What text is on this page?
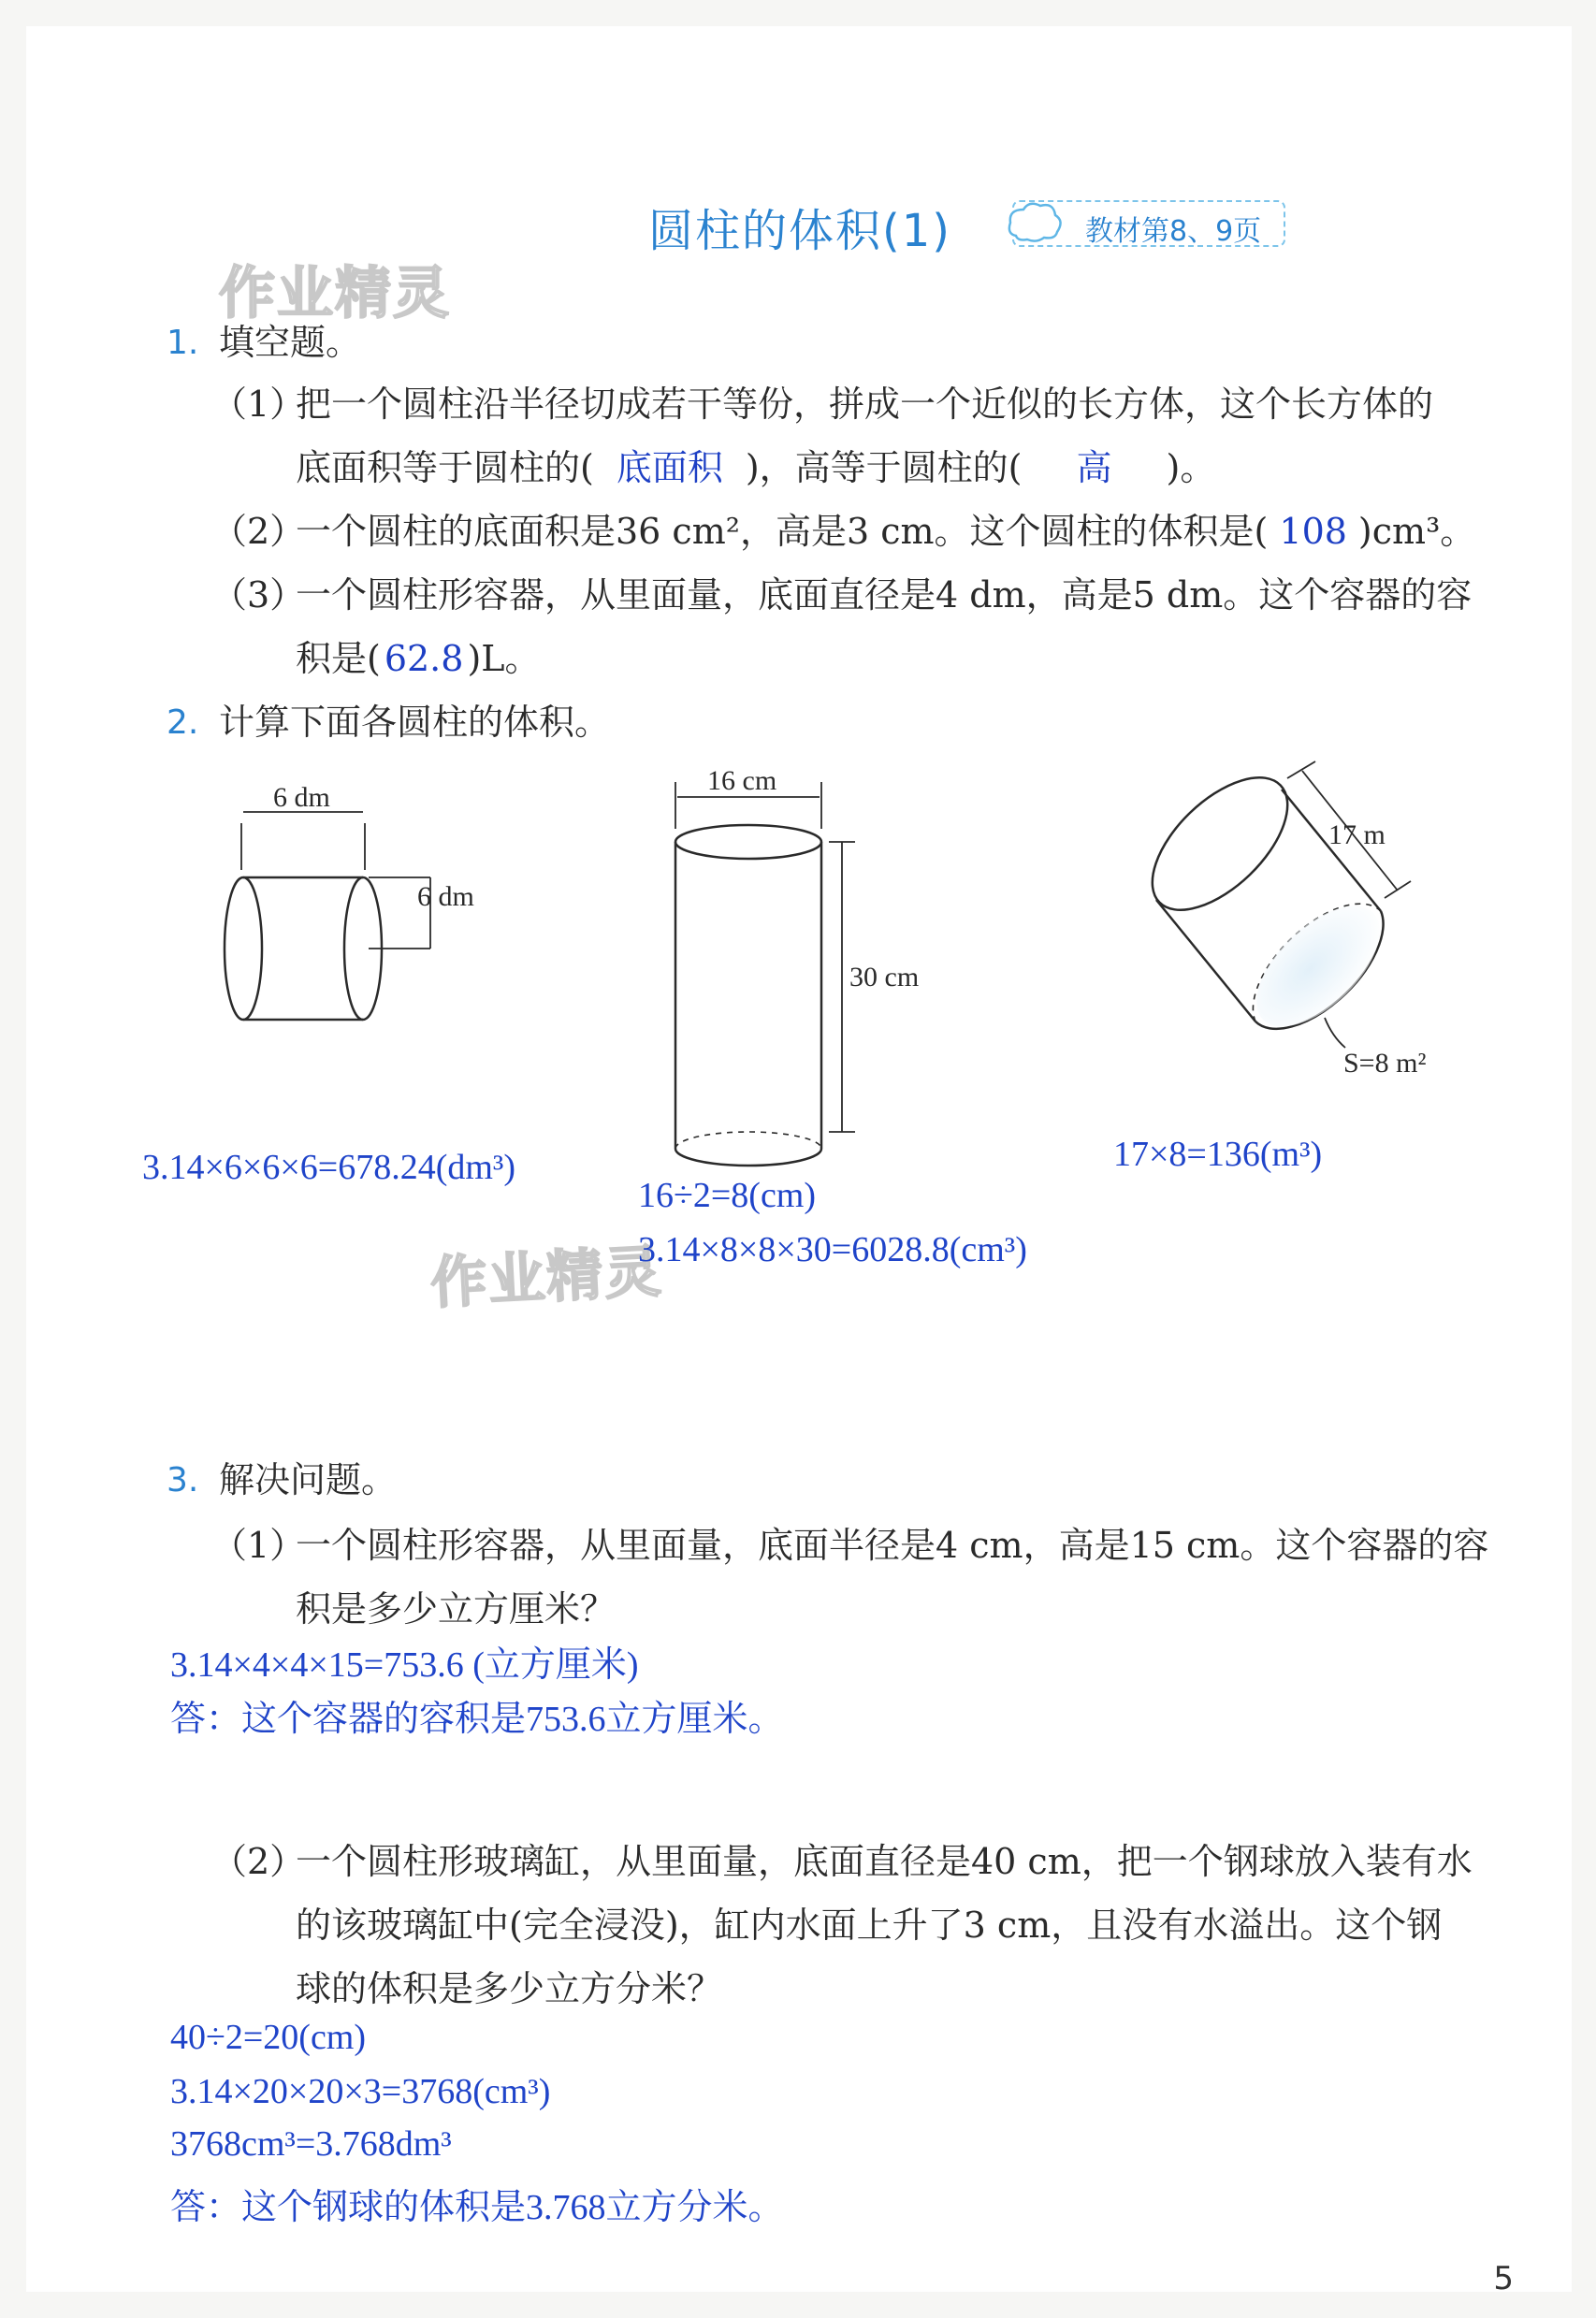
圆柱的体积(1)	教材第8、9页
作业精灵
作业精灵
1. 填空题。
（1）
把一个圆柱沿半径切成若干等份，拼成一个近似的长方体，这个长方体的
底面积等于圆柱的( 底面积 )，高等于圆柱的( 高 )。
（2）
一个圆柱的底面积是36 cm²，高是3 cm。这个圆柱的体积是( 108 )cm³。
（3）
一个圆柱形容器，从里面量，底面直径是4 dm，高是5 dm。这个容器的容
积是( 62.8 )L。
2. 计算下面各圆柱的体积。
6 dm
6 dm
3.14×6×6×6=678.24(dm³)
16 cm
30 cm
16÷2=8(cm)
3.14×8×8×30=6028.8(cm³)
17 m
S=8 m²
17×8=136(m³)
3. 解决问题。
（1）
一个圆柱形容器，从里面量，底面半径是4 cm，高是15 cm。这个容器的容
积是多少立方厘米？
3.14×4×4×15=753.6 (立方厘米)
答：这个容器的容积是753.6立方厘米。
（2）
一个圆柱形玻璃缸，从里面量，底面直径是40 cm，把一个钢球放入装有水
的该玻璃缸中(完全浸没)，缸内水面上升了3 cm，且没有水溢出。这个钢
球的体积是多少立方分米？
40÷2=20(cm)
3.14×20×20×3=3768(cm³)
3768cm³=3.768dm³
答：这个钢球的体积是3.768立方分米。
5
